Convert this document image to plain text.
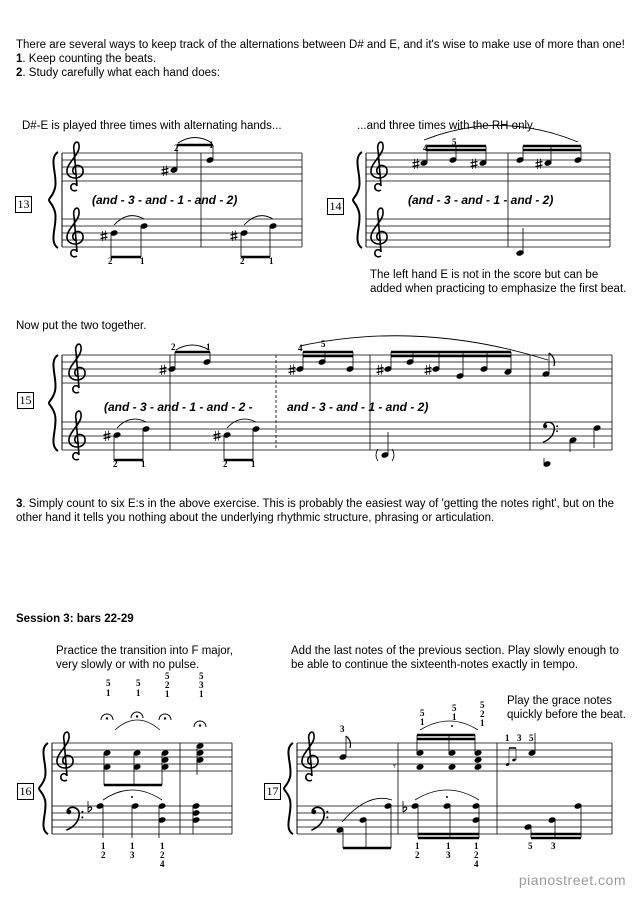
There are several ways to keep track of the alternations between D# and E, and it's wise to make use of more than one!
1. Keep counting the beats.
2. Study carefully what each hand does:
D#-E is played three times with alternating hands...	...and three times with the RH only.
13	14
(and - 3 - and - 1 - and - 2)	(and - 3 - and - 1 - and - 2)
The left hand E is not in the score but can be added when practicing to emphasize the first beat.
Now put the two together.
15	(and - 3 - and - 1 - and - 2 -	and - 3 - and - 1 - and - 2)
3. Simply count to six E:s in the above exercise. This is probably the easiest way of 'getting the notes right', but on the other hand it tells you nothing about the underlying rhythmic structure, phrasing or articulation.
Session 3: bars 22-29
Practice the transition into F major, very slowly or with no pulse.
Add the last notes of the previous section. Play slowly enough to be able to continue the sixteenth-notes exactly in tempo.
Play the grace notes quickly before the beat.
16	17
pianostreet.com
𝄾
2	1
2	1	2	1
4
5
2	1	4 5
2	1	2	1
5
1
5
1
5
2
1
5
3
1
1
2
1
3
1
2
4
3
5
1
5
1
5
2
1
1 3 5
1
2
1
3
1
2
4
5 3
